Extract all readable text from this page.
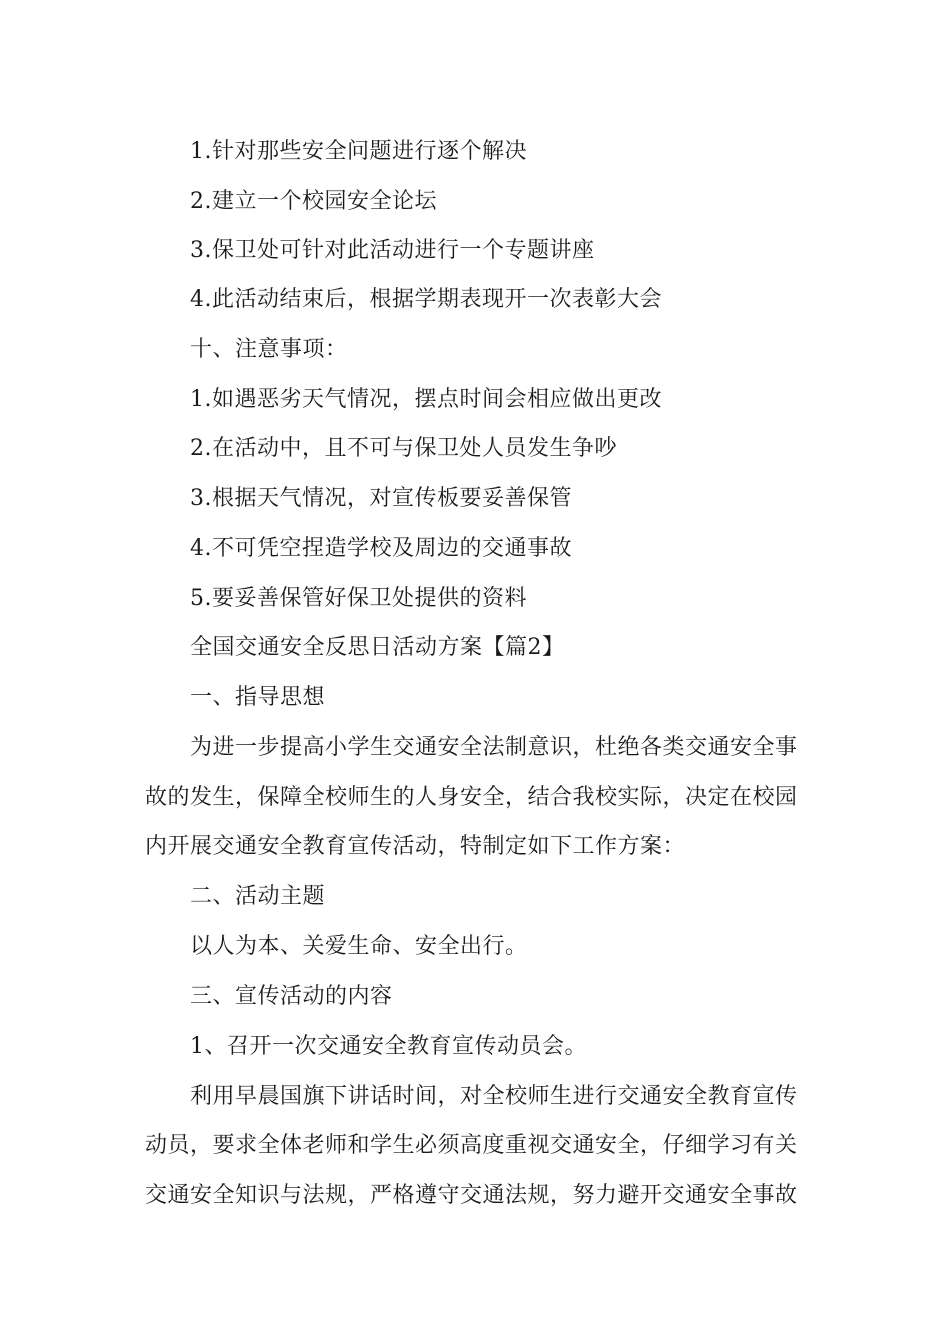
1.针对那些安全问题进行逐个解决
2.建立一个校园安全论坛
3.保卫处可针对此活动进行一个专题讲座
4.此活动结束后，根据学期表现开一次表彰大会
十、注意事项：
1.如遇恶劣天气情况，摆点时间会相应做出更改
2.在活动中，且不可与保卫处人员发生争吵
3.根据天气情况，对宣传板要妥善保管
4.不可凭空捏造学校及周边的交通事故
5.要妥善保管好保卫处提供的资料
全国交通安全反思日活动方案【篇2】
一、指导思想
为进一步提高小学生交通安全法制意识，杜绝各类交通安全事
故的发生，保障全校师生的人身安全，结合我校实际，决定在校园
内开展交通安全教育宣传活动，特制定如下工作方案：
二、活动主题
以人为本、关爱生命、安全出行。
三、宣传活动的内容
1、召开一次交通安全教育宣传动员会。
利用早晨国旗下讲话时间，对全校师生进行交通安全教育宣传
动员，要求全体老师和学生必须高度重视交通安全，仔细学习有关
交通安全知识与法规，严格遵守交通法规，努力避开交通安全事故
